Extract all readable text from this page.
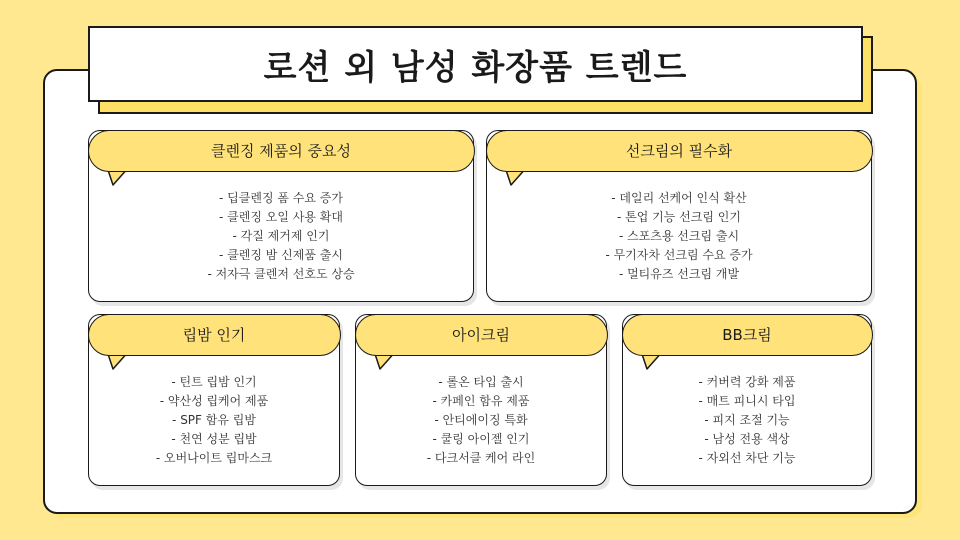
로션 외 남성 화장품 트렌드
클렌징 제품의 중요성
- 딥클렌징 폼 수요 증가
- 클렌징 오일 사용 확대
- 각질 제거제 인기
- 클렌징 밤 신제품 출시
- 저자극 클렌저 선호도 상승
선크림의 필수화
- 데일리 선케어 인식 확산
- 톤업 기능 선크림 인기
- 스포츠용 선크림 출시
- 무기자차 선크림 수요 증가
- 멀티유즈 선크림 개발
립밤 인기
- 틴트 립밤 인기
- 약산성 립케어 제품
- SPF 함유 립밤
- 천연 성분 립밤
- 오버나이트 립마스크
아이크림
- 롤온 타입 출시
- 카페인 함유 제품
- 안티에이징 특화
- 쿨링 아이젤 인기
- 다크서클 케어 라인
BB크림
- 커버력 강화 제품
- 매트 피니시 타입
- 피지 조절 기능
- 남성 전용 색상
- 자외선 차단 기능
